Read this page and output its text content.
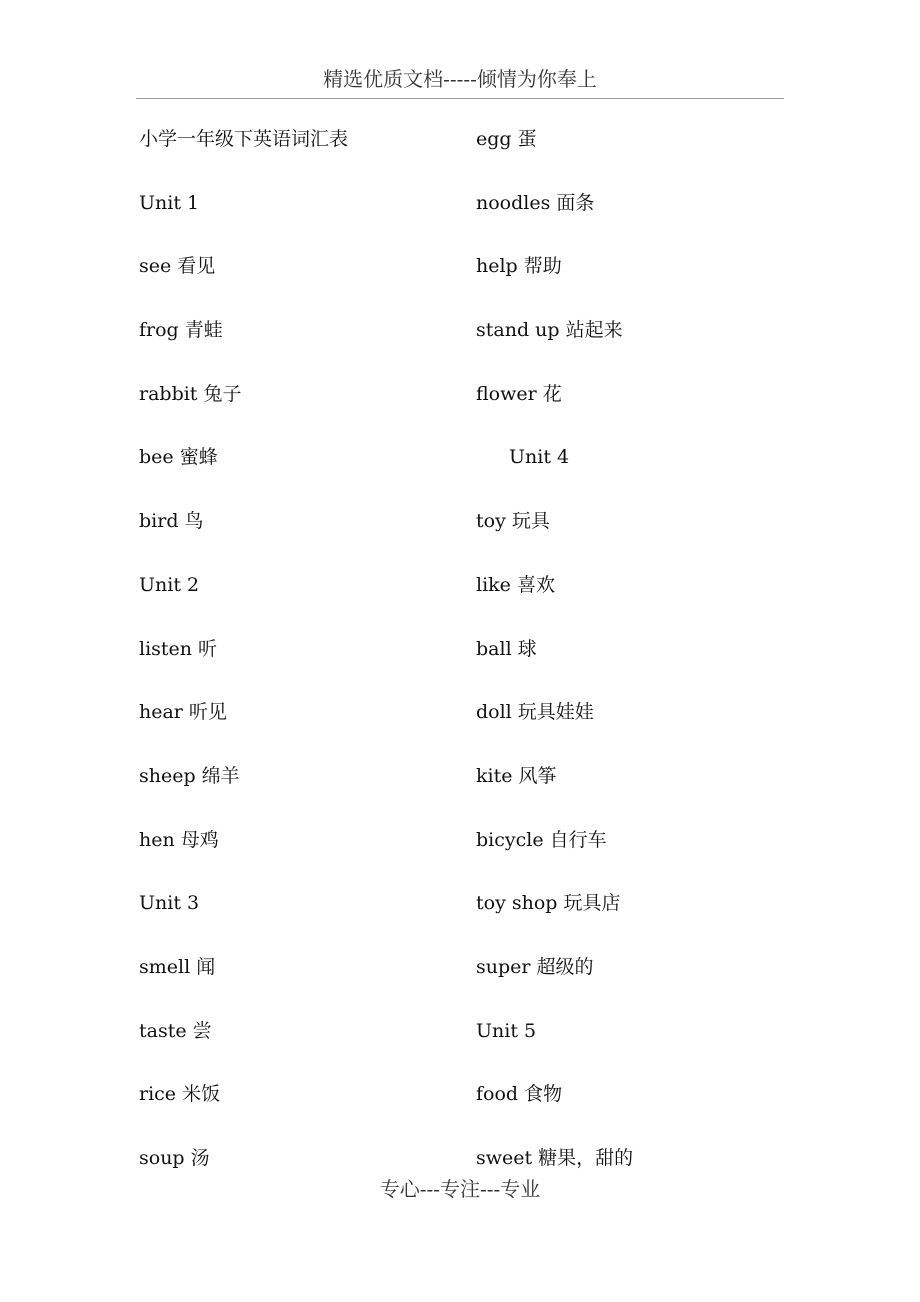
精选优质文档-----倾情为你奉上
小学一年级下英语词汇表
Unit 1
see 看见
frog 青蛙
rabbit 兔子
bee 蜜蜂
bird 鸟
Unit 2
listen 听
hear 听见
sheep 绵羊
hen 母鸡
Unit 3
smell 闻
taste 尝
rice 米饭
soup 汤
egg 蛋
noodles 面条
help 帮助
stand up 站起来
flower 花
Unit 4
toy 玩具
like 喜欢
ball 球
doll 玩具娃娃
kite 风筝
bicycle 自行车
toy shop 玩具店
super 超级的
Unit 5
food 食物
sweet 糖果，甜的
专心---专注---专业
